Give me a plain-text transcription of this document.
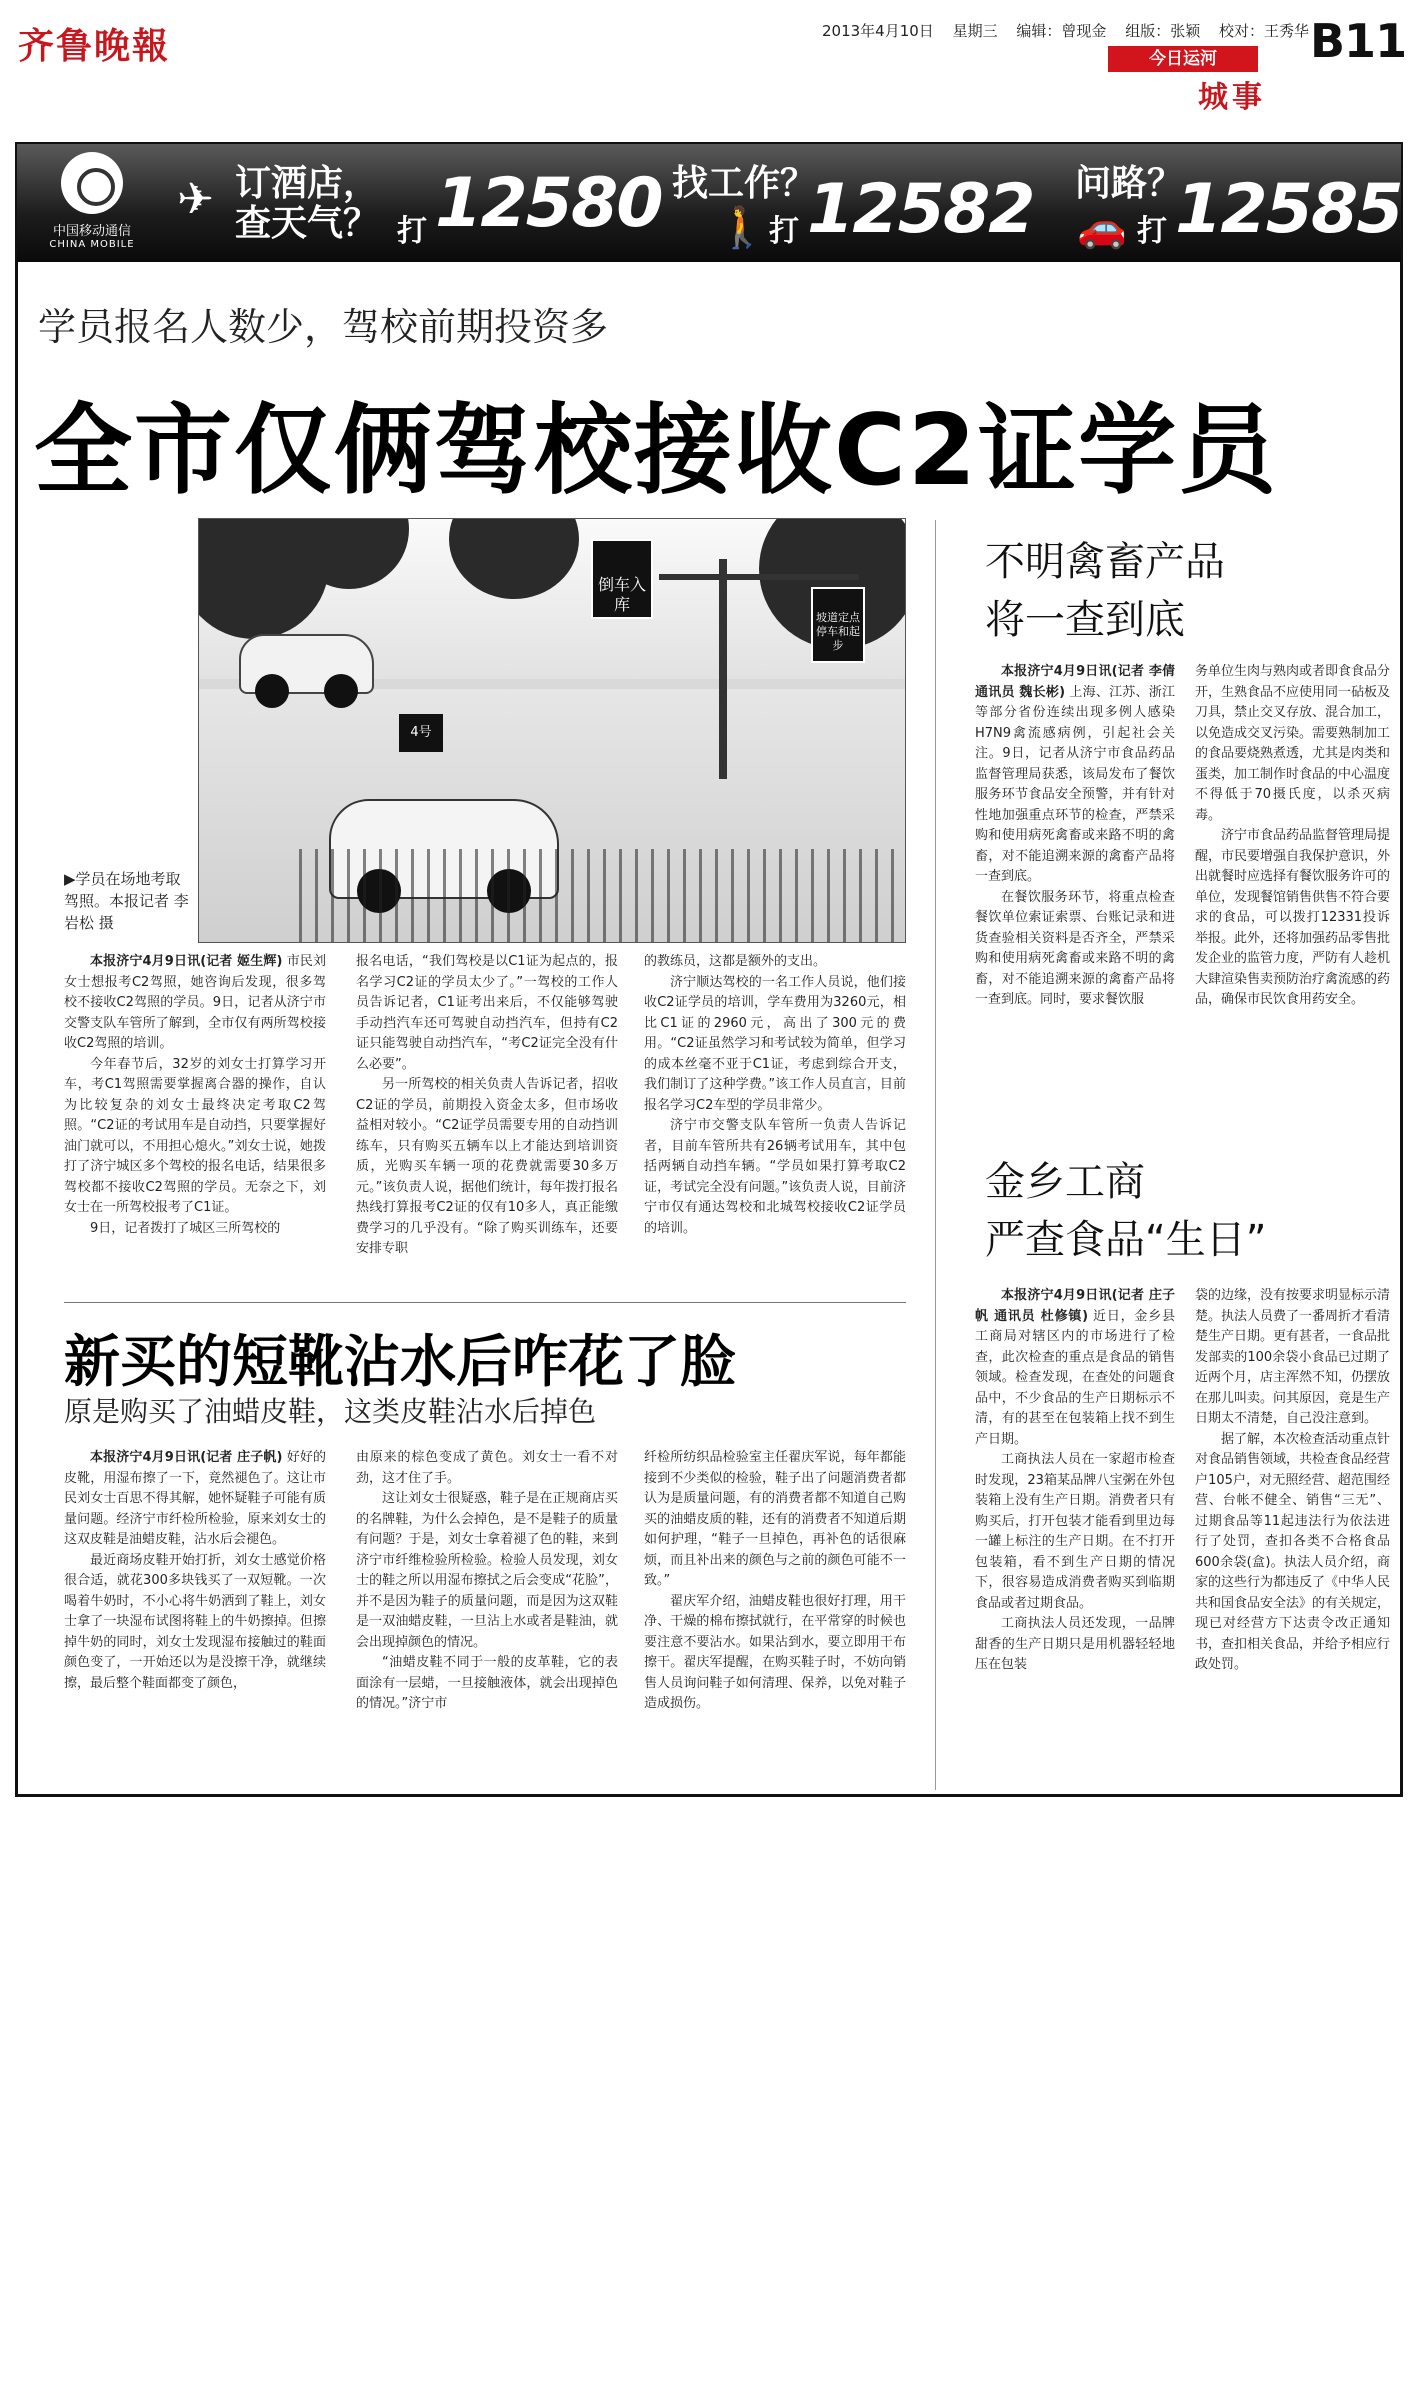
齐鲁晚報	2013年4月10日 星期三 编辑：曾现金 组版：张颖 校对：王秀华 B11
今日运河
城事
中国移动通信
CHINA MOBILE
✈ 订酒店，
查天气？ 打 12580 找工作？
🚶 打 12582 问路？
🚗 打 12585
学员报名人数少，驾校前期投资多
全市仅俩驾校接收C2证学员
倒车入库
坡道定点停车和起步
4号
▶学员在场地考取驾照。本报记者 李岩松 摄

本报济宁4月9日讯(记者 姬生辉) 市民刘女士想报考C2驾照，她咨询后发现，很多驾校不接收C2驾照的学员。9日，记者从济宁市交警支队车管所了解到，全市仅有两所驾校接收C2驾照的培训。

今年春节后，32岁的刘女士打算学习开车，考C1驾照需要掌握离合器的操作，自认为比较复杂的刘女士最终决定考取C2驾照。“C2证的考试用车是自动挡，只要掌握好油门就可以，不用担心熄火。”刘女士说，她拨打了济宁城区多个驾校的报名电话，结果很多驾校都不接收C2驾照的学员。无奈之下，刘女士在一所驾校报考了C1证。

9日，记者拨打了城区三所驾校的

报名电话，“我们驾校是以C1证为起点的，报名学习C2证的学员太少了。”一驾校的工作人员告诉记者，C1证考出来后，不仅能够驾驶手动挡汽车还可驾驶自动挡汽车，但持有C2证只能驾驶自动挡汽车，“考C2证完全没有什么必要”。

另一所驾校的相关负责人告诉记者，招收C2证的学员，前期投入资金太多，但市场收益相对较小。“C2证学员需要专用的自动挡训练车，只有购买五辆车以上才能达到培训资质，光购买车辆一项的花费就需要30多万元。”该负责人说，据他们统计，每年拨打报名热线打算报考C2证的仅有10多人，真正能缴费学习的几乎没有。“除了购买训练车，还要安排专职

的教练员，这都是额外的支出。

济宁顺达驾校的一名工作人员说，他们接收C2证学员的培训，学车费用为3260元，相比C1证的2960元，高出了300元的费用。“C2证虽然学习和考试较为简单，但学习的成本丝毫不亚于C1证，考虑到综合开支，我们制订了这种学费。”该工作人员直言，目前报名学习C2车型的学员非常少。

济宁市交警支队车管所一负责人告诉记者，目前车管所共有26辆考试用车，其中包括两辆自动挡车辆。“学员如果打算考取C2证，考试完全没有问题。”该负责人说，目前济宁市仅有通达驾校和北城驾校接收C2证学员的培训。

新买的短靴沾水后咋花了脸
原是购买了油蜡皮鞋，这类皮鞋沾水后掉色

本报济宁4月9日讯(记者 庄子帆) 好好的皮靴，用湿布擦了一下，竟然褪色了。这让市民刘女士百思不得其解，她怀疑鞋子可能有质量问题。经济宁市纤检所检验，原来刘女士的这双皮鞋是油蜡皮鞋，沾水后会褪色。

最近商场皮鞋开始打折，刘女士感觉价格很合适，就花300多块钱买了一双短靴。一次喝着牛奶时，不小心将牛奶洒到了鞋上，刘女士拿了一块湿布试图将鞋上的牛奶擦掉。但擦掉牛奶的同时，刘女士发现湿布接触过的鞋面颜色变了，一开始还以为是没擦干净，就继续擦，最后整个鞋面都变了颜色，

由原来的棕色变成了黄色。刘女士一看不对劲，这才住了手。

这让刘女士很疑惑，鞋子是在正规商店买的名牌鞋，为什么会掉色，是不是鞋子的质量有问题？于是，刘女士拿着褪了色的鞋，来到济宁市纤维检验所检验。检验人员发现，刘女士的鞋之所以用湿布擦拭之后会变成“花脸”，并不是因为鞋子的质量问题，而是因为这双鞋是一双油蜡皮鞋，一旦沾上水或者是鞋油，就会出现掉颜色的情况。

“油蜡皮鞋不同于一般的皮革鞋，它的表面涂有一层蜡，一旦接触液体，就会出现掉色的情况。”济宁市

纤检所纺织品检验室主任翟庆军说，每年都能接到不少类似的检验，鞋子出了问题消费者都认为是质量问题，有的消费者都不知道自己购买的油蜡皮质的鞋，还有的消费者不知道后期如何护理，“鞋子一旦掉色，再补色的话很麻烦，而且补出来的颜色与之前的颜色可能不一致。”

翟庆军介绍，油蜡皮鞋也很好打理，用干净、干燥的棉布擦拭就行，在平常穿的时候也要注意不要沾水。如果沾到水，要立即用干布擦干。翟庆军提醒，在购买鞋子时，不妨向销售人员询问鞋子如何清理、保养，以免对鞋子造成损伤。

不明禽畜产品
将一查到底

本报济宁4月9日讯(记者 李倩 通讯员 魏长彬) 上海、江苏、浙江等部分省份连续出现多例人感染H7N9禽流感病例，引起社会关注。9日，记者从济宁市食品药品监督管理局获悉，该局发布了餐饮服务环节食品安全预警，并有针对性地加强重点环节的检查，严禁采购和使用病死禽畜或来路不明的禽畜，对不能追溯来源的禽畜产品将一查到底。

在餐饮服务环节，将重点检查餐饮单位索证索票、台账记录和进货查验相关资料是否齐全，严禁采购和使用病死禽畜或来路不明的禽畜，对不能追溯来源的禽畜产品将一查到底。同时，要求餐饮服

务单位生肉与熟肉或者即食食品分开，生熟食品不应使用同一砧板及刀具，禁止交叉存放、混合加工，以免造成交叉污染。需要熟制加工的食品要烧熟煮透，尤其是肉类和蛋类，加工制作时食品的中心温度不得低于70摄氏度，以杀灭病毒。

济宁市食品药品监督管理局提醒，市民要增强自我保护意识，外出就餐时应选择有餐饮服务许可的单位，发现餐馆销售供售不符合要求的食品，可以拨打12331投诉举报。此外，还将加强药品零售批发企业的监管力度，严防有人趁机大肆渲染售卖预防治疗禽流感的药品，确保市民饮食用药安全。

金乡工商
严查食品“生日”

本报济宁4月9日讯(记者 庄子帆 通讯员 杜修镇) 近日，金乡县工商局对辖区内的市场进行了检查，此次检查的重点是食品的销售领域。检查发现，在查处的问题食品中，不少食品的生产日期标示不清，有的甚至在包装箱上找不到生产日期。

工商执法人员在一家超市检查时发现，23箱某品牌八宝粥在外包装箱上没有生产日期。消费者只有购买后，打开包装才能看到里边每一罐上标注的生产日期。在不打开包装箱，看不到生产日期的情况下，很容易造成消费者购买到临期食品或者过期食品。

工商执法人员还发现，一品牌甜香的生产日期只是用机器轻轻地压在包装

袋的边缘，没有按要求明显标示清楚。执法人员费了一番周折才看清楚生产日期。更有甚者，一食品批发部卖的100余袋小食品已过期了近两个月，店主浑然不知，仍摆放在那儿叫卖。问其原因，竟是生产日期太不清楚，自己没注意到。

据了解，本次检查活动重点针对食品销售领域，共检查食品经营户105户，对无照经营、超范围经营、台帐不健全、销售“三无”、过期食品等11起违法行为依法进行了处罚，查扣各类不合格食品600余袋(盒)。执法人员介绍，商家的这些行为都违反了《中华人民共和国食品安全法》的有关规定，现已对经营方下达责令改正通知书，查扣相关食品，并给予相应行政处罚。
